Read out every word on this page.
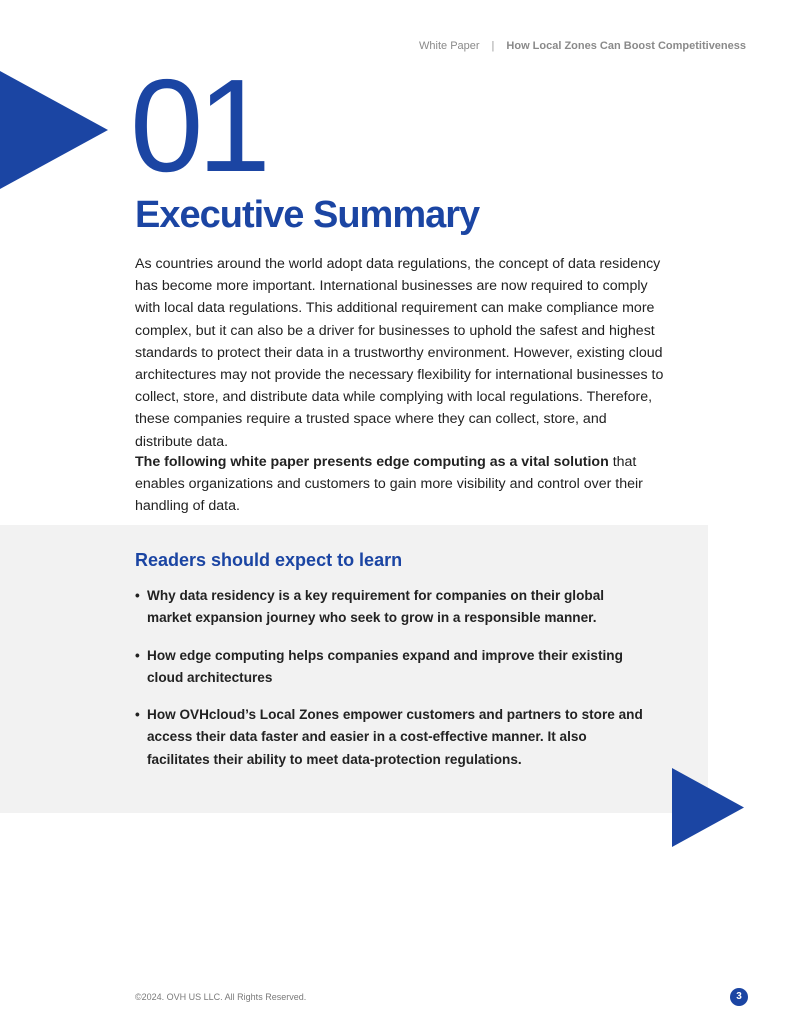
White Paper | How Local Zones Can Boost Competitiveness
01
Executive Summary

As countries around the world adopt data regulations, the concept of data residency has become more important. International businesses are now required to comply with local data regulations. This additional requirement can make compliance more complex, but it can also be a driver for businesses to uphold the safest and highest standards to protect their data in a trustworthy environment. However, existing cloud architectures may not provide the necessary flexibility for international businesses to collect, store, and distribute data while complying with local regulations. Therefore, these companies require a trusted space where they can collect, store, and distribute data.

The following white paper presents edge computing as a vital solution that enables organizations and customers to gain more visibility and control over their handling of data.

Readers should expect to learn
• Why data residency is a key requirement for companies on their global market expansion journey who seek to grow in a responsible manner.
• How edge computing helps companies expand and improve their existing cloud architectures
• How OVHcloud’s Local Zones empower customers and partners to store and access their data faster and easier in a cost-effective manner. It also facilitates their ability to meet data-protection regulations.
©2024. OVH US LLC. All Rights Reserved.	3
